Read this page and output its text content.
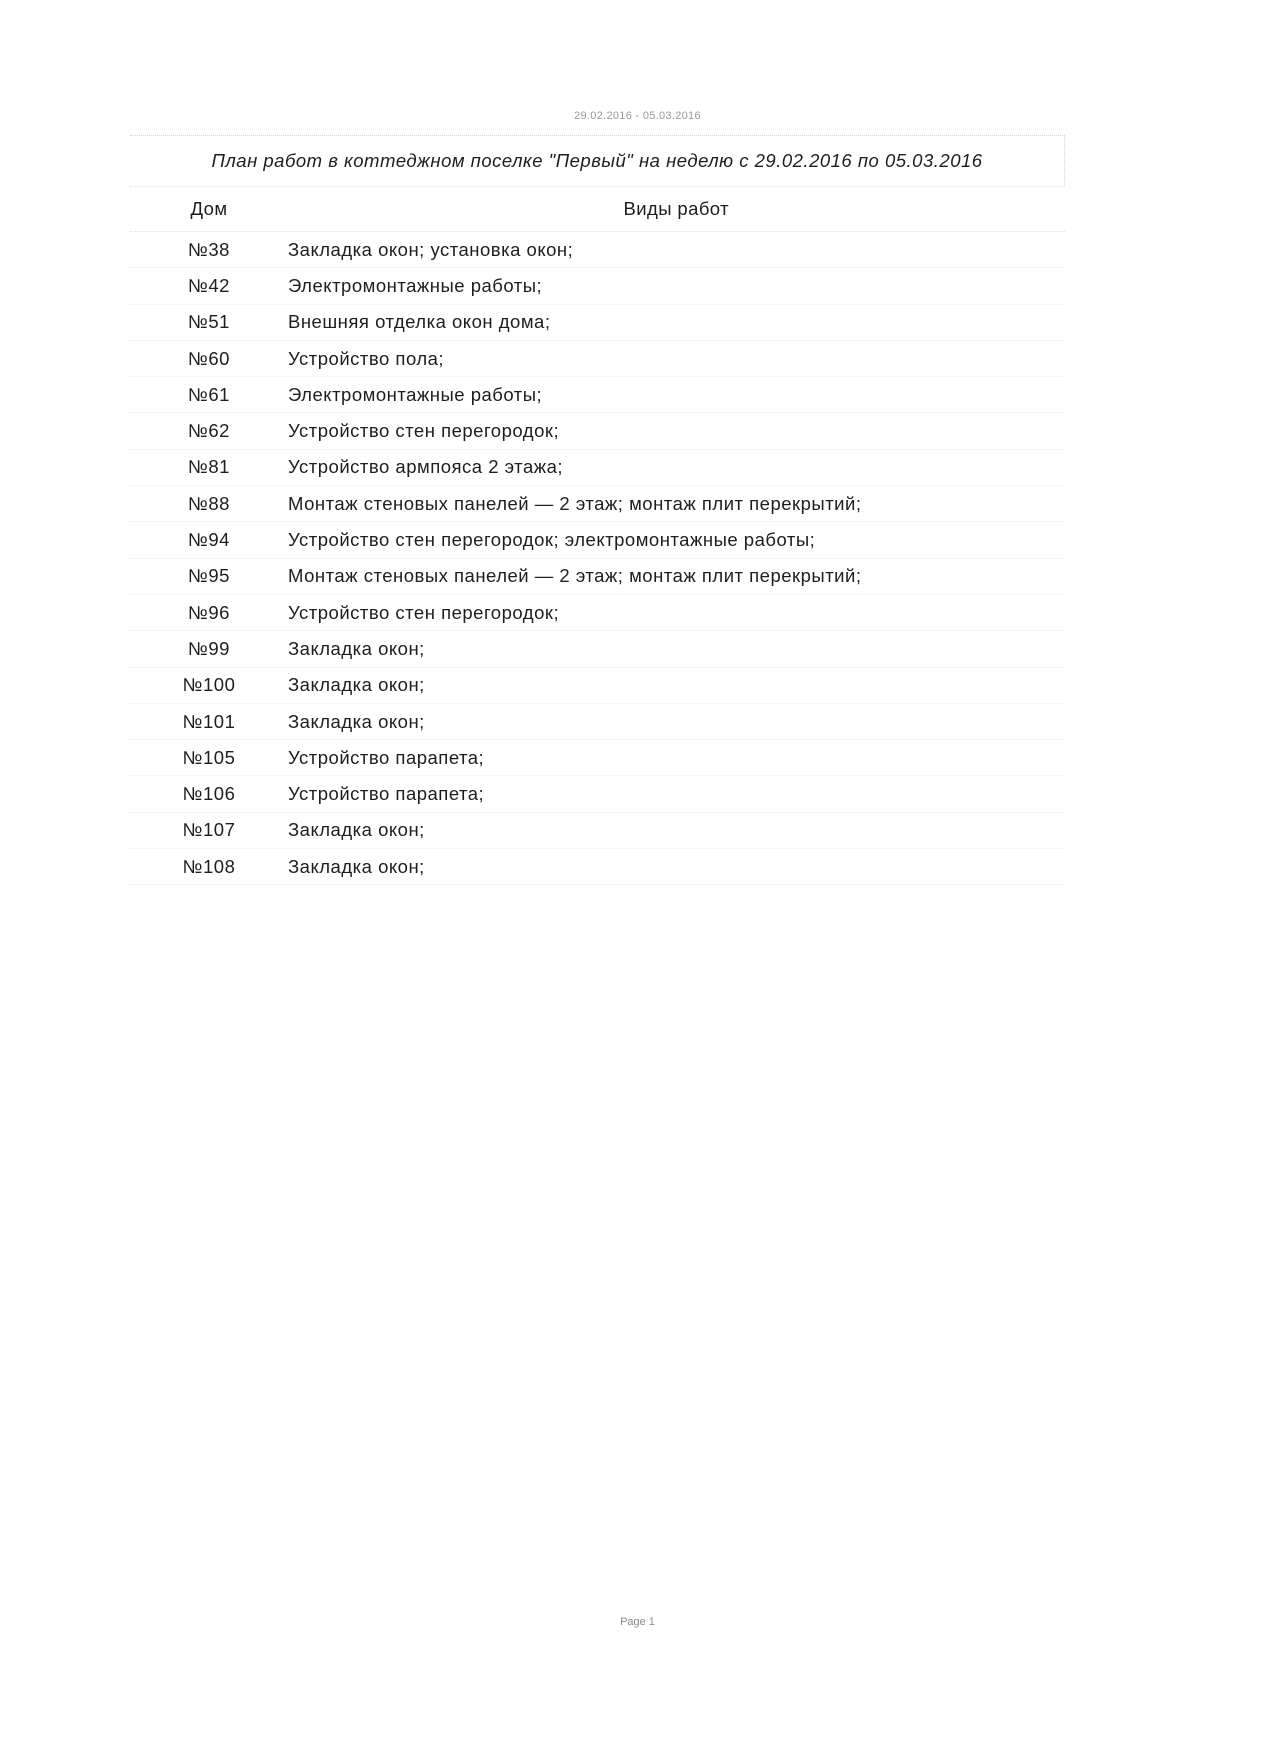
29.02.2016 - 05.03.2016
План работ в коттеджном поселке "Первый" на неделю с 29.02.2016 по 05.03.2016	
Дом	Виды работ
№38	Закладка окон; установка окон;
№42	Электромонтажные работы;
№51	Внешняя отделка окон дома;
№60	Устройство пола;
№61	Электромонтажные работы;
№62	Устройство стен перегородок;
№81	Устройство армпояса 2 этажа;
№88	Монтаж стеновых панелей — 2 этаж; монтаж плит перекрытий;
№94	Устройство стен перегородок; электромонтажные работы;
№95	Монтаж стеновых панелей — 2 этаж; монтаж плит перекрытий;
№96	Устройство стен перегородок;
№99	Закладка окон;
№100	Закладка окон;
№101	Закладка окон;
№105	Устройство парапета;
№106	Устройство парапета;
№107	Закладка окон;
№108	Закладка окон;
Page 1
